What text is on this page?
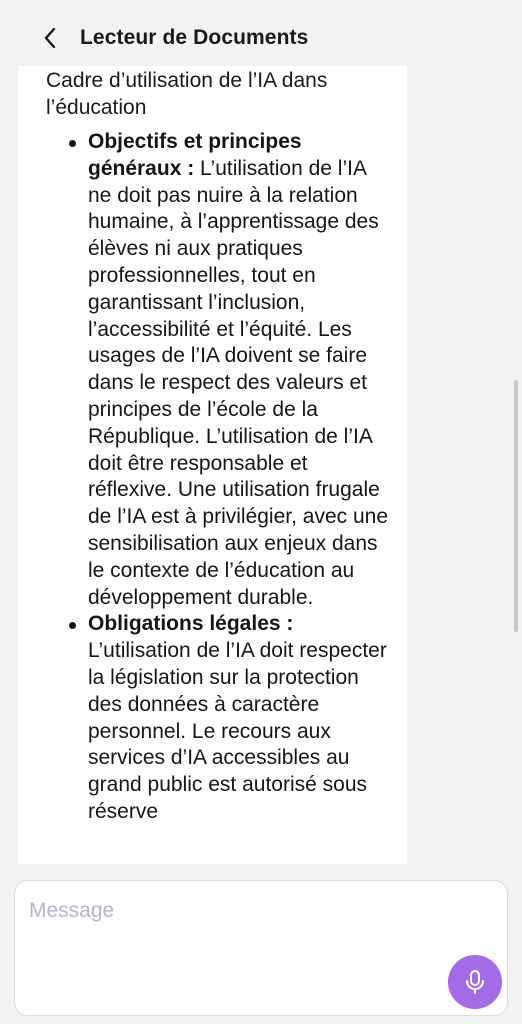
Lecteur de Documents
Cadre d’utilisation de l’IA dans l’éducation
Objectifs et principes généraux : L’utilisation de l’IA ne doit pas nuire à la relation humaine, à l’apprentissage des élèves ni aux pratiques professionnelles, tout en garantissant l’inclusion, l’accessibilité et l’équité. Les usages de l’IA doivent se faire dans le respect des valeurs et principes de l’école de la République. L’utilisation de l’IA doit être responsable et réflexive. Une utilisation frugale de l’IA est à privilégier, avec une sensibilisation aux enjeux dans le contexte de l’éducation au développement durable.
Obligations légales : L’utilisation de l’IA doit respecter la législation sur la protection des données à caractère personnel. Le recours aux services d’IA accessibles au grand public est autorisé sous réserve
Message
